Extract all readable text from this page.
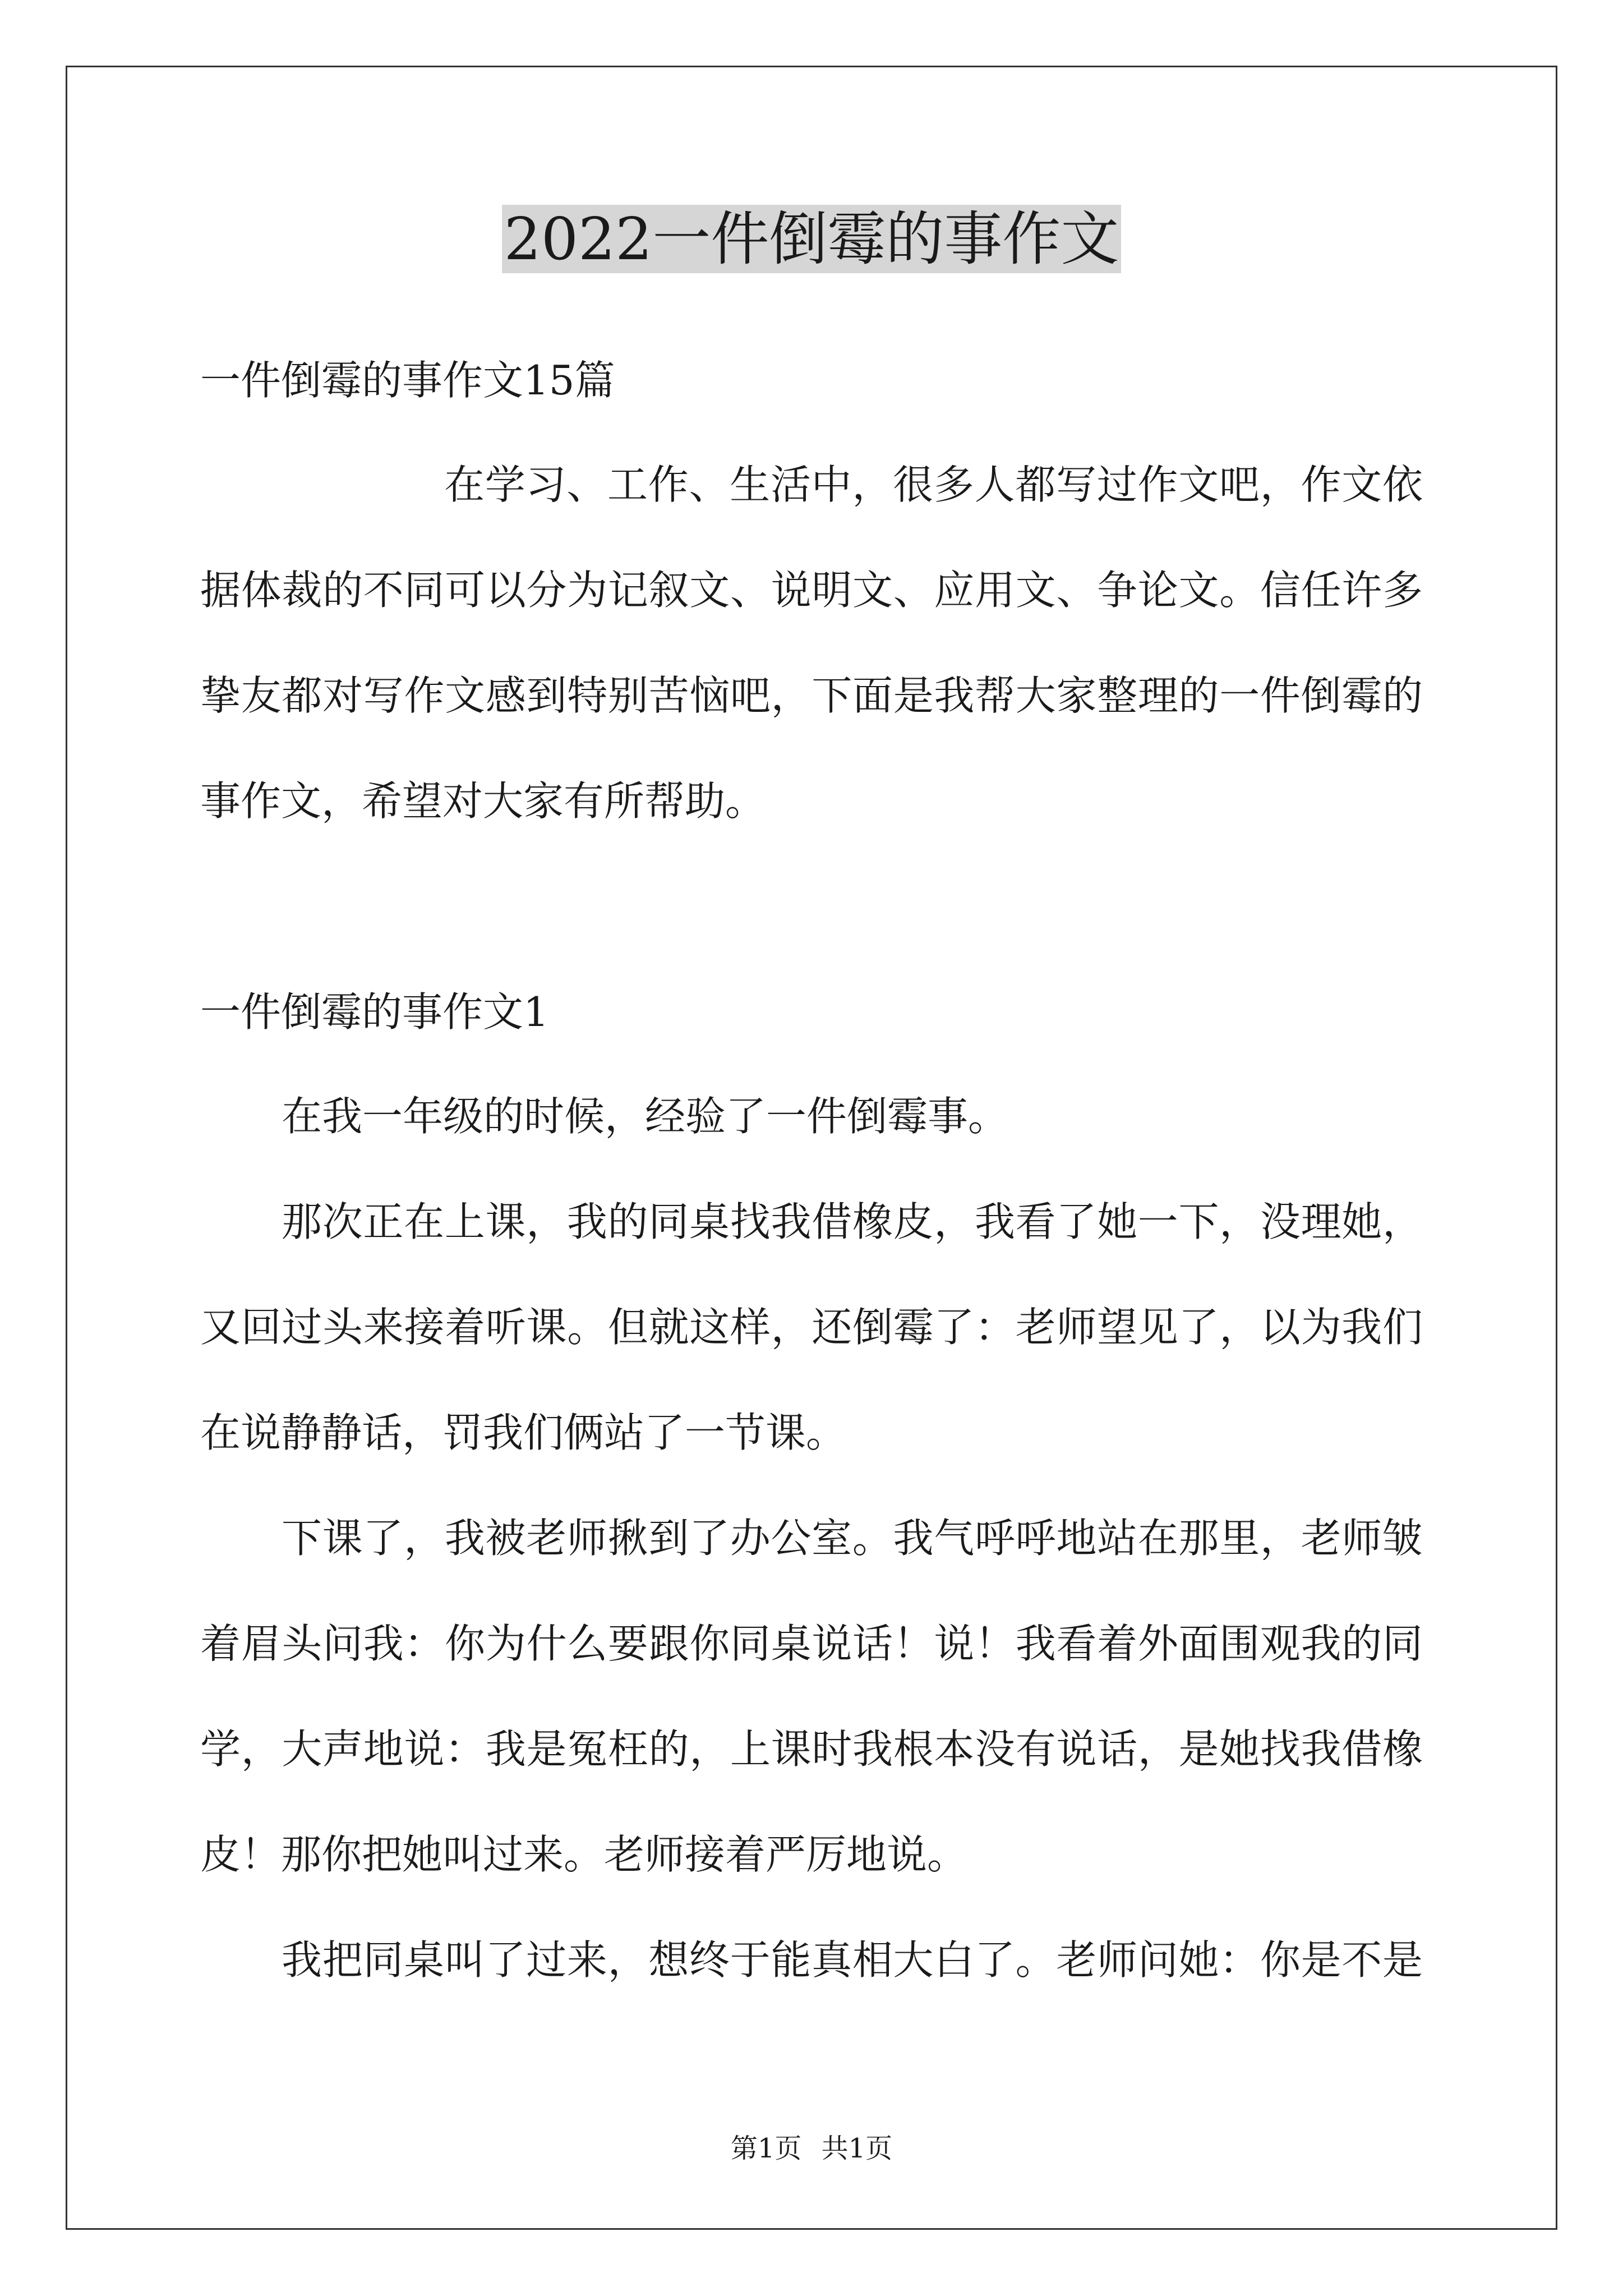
2022一件倒霉的事作文

一件倒霉的事作文15篇

在学习、工作、生活中，很多人都写过作文吧，作文依

据体裁的不同可以分为记叙文、说明文、应用文、争论文。信任许多

挚友都对写作文感到特别苦恼吧，下面是我帮大家整理的一件倒霉的

事作文，希望对大家有所帮助。

一件倒霉的事作文1

在我一年级的时候，经验了一件倒霉事。

那次正在上课，我的同桌找我借橡皮，我看了她一下，没理她，

又回过头来接着听课。但就这样，还倒霉了：老师望见了，以为我们

在说静静话，罚我们俩站了一节课。

下课了，我被老师揪到了办公室。我气呼呼地站在那里，老师皱

着眉头问我：你为什么要跟你同桌说话！说！我看着外面围观我的同

学，大声地说：我是冤枉的，上课时我根本没有说话，是她找我借橡

皮！那你把她叫过来。老师接着严厉地说。

我把同桌叫了过来，想终于能真相大白了。老师问她：你是不是

第1页 共1页
